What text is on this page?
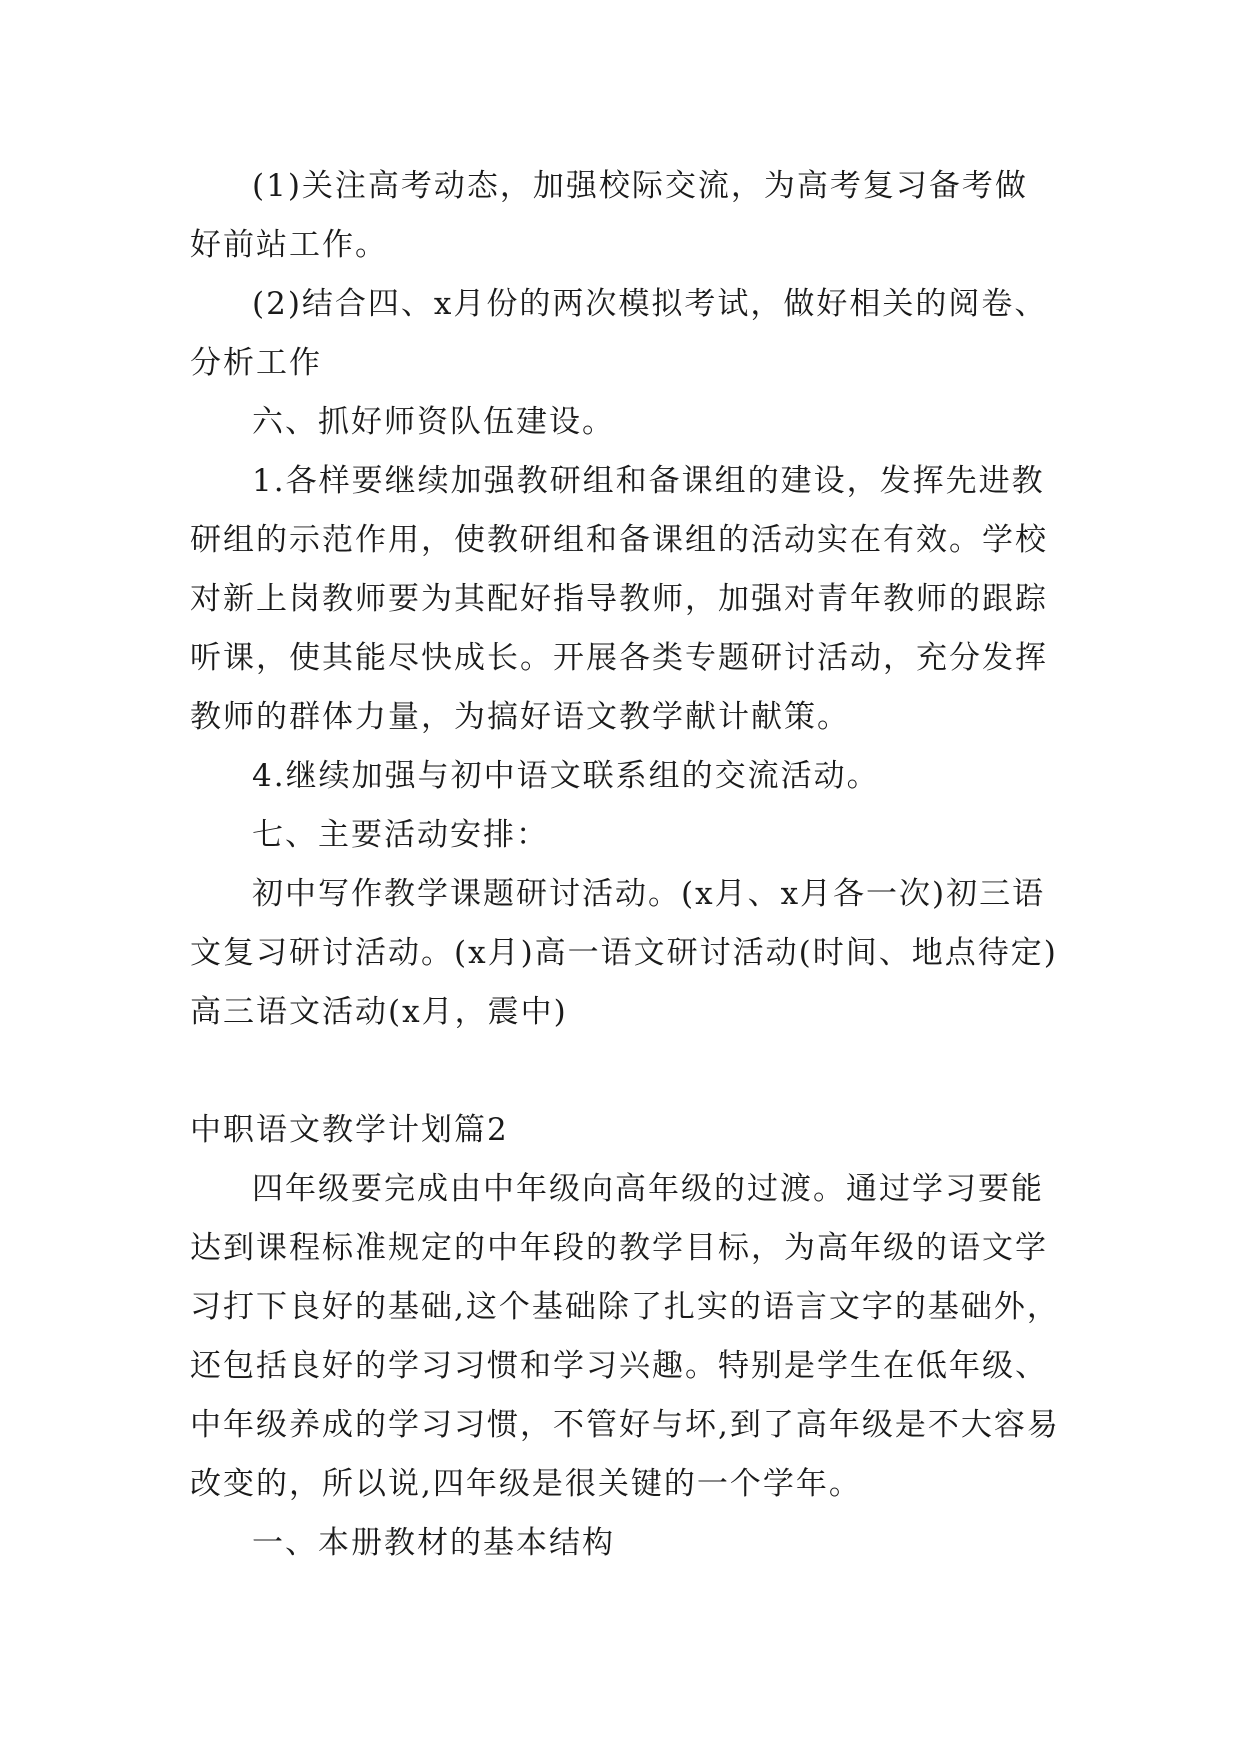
(1)关注高考动态，加强校际交流，为高考复习备考做好前站工作。

(2)结合四、x月份的两次模拟考试，做好相关的阅卷、分析工作

六、抓好师资队伍建设。

1.各样要继续加强教研组和备课组的建设，发挥先进教研组的示范作用，使教研组和备课组的活动实在有效。学校对新上岗教师要为其配好指导教师，加强对青年教师的跟踪听课，使其能尽快成长。开展各类专题研讨活动，充分发挥教师的群体力量，为搞好语文教学献计献策。

4.继续加强与初中语文联系组的交流活动。

七、主要活动安排：

初中写作教学课题研讨活动。(x月、x月各一次)初三语文复习研讨活动。(x月)高一语文研讨活动(时间、地点待定)高三语文活动(x月，震中)

中职语文教学计划篇2

四年级要完成由中年级向高年级的过渡。通过学习要能达到课程标准规定的中年段的教学目标，为高年级的语文学习打下良好的基础,这个基础除了扎实的语言文字的基础外，还包括良好的学习习惯和学习兴趣。特别是学生在低年级、中年级养成的学习习惯，不管好与坏,到了高年级是不大容易改变的，所以说,四年级是很关键的一个学年。

一、本册教材的基本结构
